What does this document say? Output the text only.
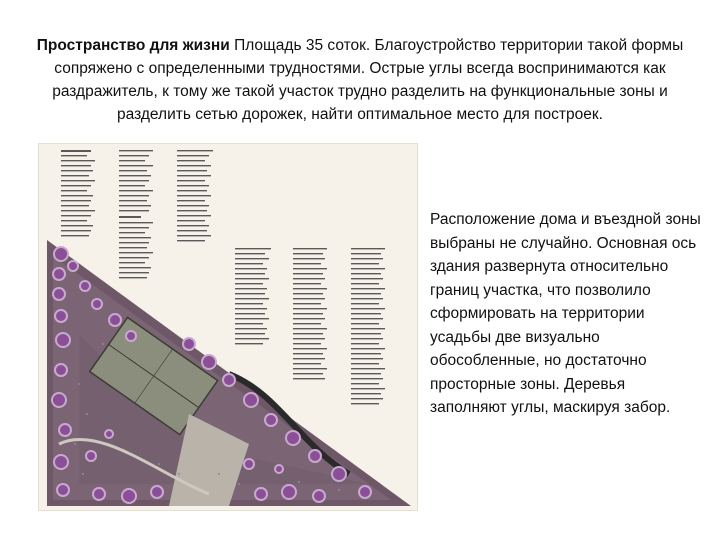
Пространство для жизни Площадь 35 соток. Благоустройство территории такой формы сопряжено с определенными трудностями. Острые углы всегда воспринимаются как раздражитель, к тому же такой участок трудно разделить на функциональные зоны и разделить сетью дорожек, найти оптимальное место для построек.
Расположение дома и въездной зоны выбраны не случайно. Основная ось здания развернута относительно границ участка, что позволило сформировать на территории усадьбы две визуально обособленные, но достаточно просторные зоны. Деревья заполняют углы, маскируя забор.
